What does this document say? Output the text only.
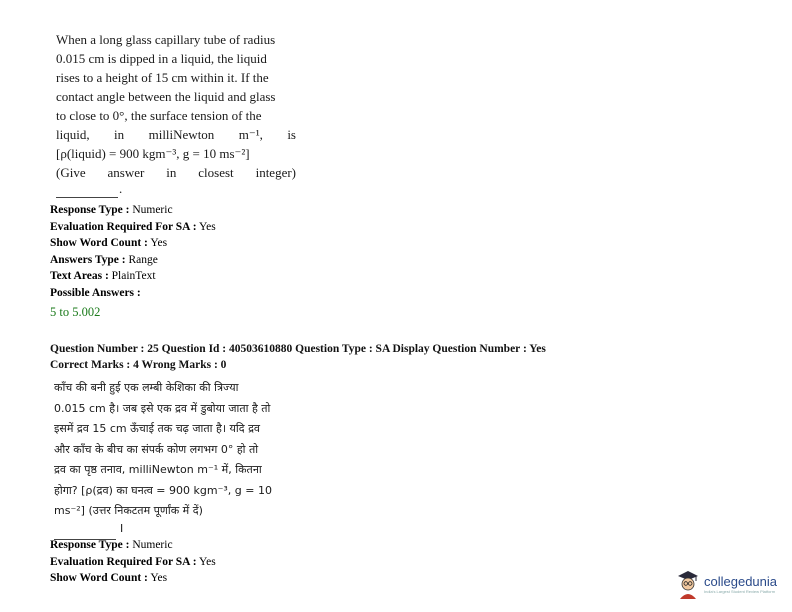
When a long glass capillary tube of radius
0.015 cm is dipped in a liquid, the liquid
rises to a height of 15 cm within it. If the
contact angle between the liquid and glass
to close to 0°, the surface tension of the
liquid, in milliNewton m⁻¹, is
[ρ(liquid) = 900 kgm⁻³, g = 10 ms⁻²]
(Give answer in closest integer)
.
Response Type : Numeric
Evaluation Required For SA : Yes
Show Word Count : Yes
Answers Type : Range
Text Areas : PlainText
Possible Answers :
5 to 5.002
Question Number : 25 Question Id : 40503610880 Question Type : SA Display Question Number : Yes
Correct Marks : 4 Wrong Marks : 0
काँच की बनी हुई एक लम्बी केशिका की त्रिज्या
0.015 cm है। जब इसे एक द्रव में डुबोया जाता है तो
इसमें द्रव 15 cm ऊँचाई तक चढ़ जाता है। यदि द्रव
और काँच के बीच का संपर्क कोण लगभग 0° हो तो
द्रव का पृष्ठ तनाव, milliNewton m⁻¹ में, कितना
होगा? [ρ(द्रव) का घनत्व = 900 kgm⁻³, g = 10
ms⁻²] (उत्तर निकटतम पूर्णांक में दें)
I
Response Type : Numeric
Evaluation Required For SA : Yes
Show Word Count : Yes	collegedunia
India's Largest Student Review Platform
